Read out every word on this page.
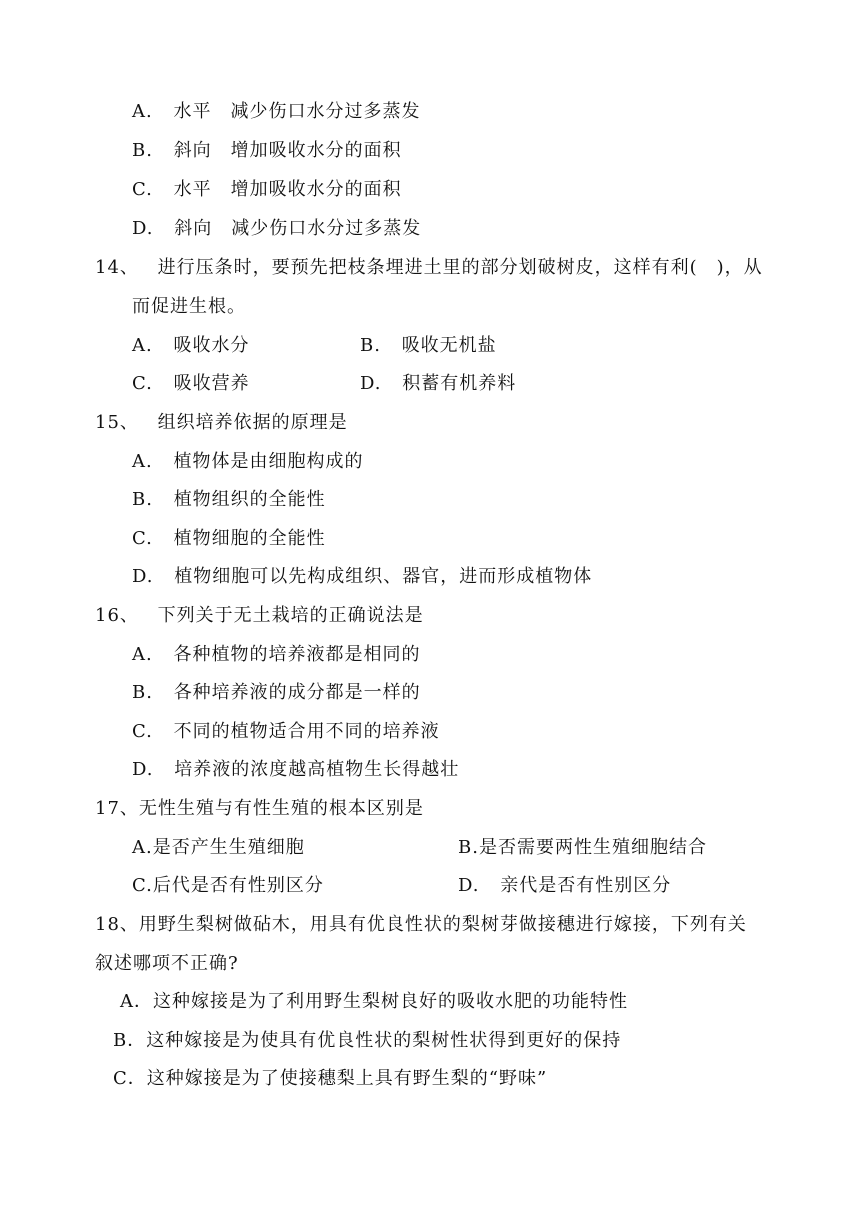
A. 水平　减少伤口水分过多蒸发
B. 斜向　增加吸收水分的面积
C. 水平　增加吸收水分的面积
D. 斜向　减少伤口水分过多蒸发
14、 进行压条时，要预先把枝条埋进土里的部分划破树皮，这样有利(　)，从
而促进生根。
A. 吸收水分	B. 吸收无机盐
C. 吸收营养	D. 积蓄有机养料
15、 组织培养依据的原理是
A. 植物体是由细胞构成的
B. 植物组织的全能性
C. 植物细胞的全能性
D. 植物细胞可以先构成组织、器官，进而形成植物体
16、 下列关于无土栽培的正确说法是
A. 各种植物的培养液都是相同的
B. 各种培养液的成分都是一样的
C. 不同的植物适合用不同的培养液
D. 培养液的浓度越高植物生长得越壮
17、无性生殖与有性生殖的根本区别是
A.是否产生生殖细胞	B.是否需要两性生殖细胞结合
C.后代是否有性别区分	D. 亲代是否有性别区分
18、用野生梨树做砧木，用具有优良性状的梨树芽做接穗进行嫁接，下列有关
叙述哪项不正确?
A．这种嫁接是为了利用野生梨树良好的吸收水肥的功能特性
B．这种嫁接是为使具有优良性状的梨树性状得到更好的保持
C．这种嫁接是为了使接穗梨上具有野生梨的“野味”
